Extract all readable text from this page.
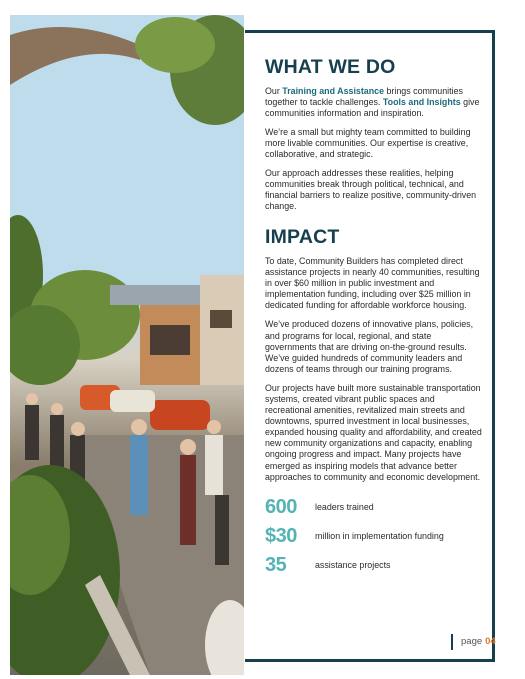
WHAT WE DO

Our Training and Assistance brings communities together to tackle challenges. Tools and Insights give communities information and inspiration.

We’re a small but mighty team committed to building more livable communities. Our expertise is creative, collaborative, and strategic.

Our approach addresses these realities, helping communities break through political, technical, and financial barriers to realize positive, community-driven change.

IMPACT

To date, Community Builders has completed direct assistance projects in nearly 40 communities, resulting in over $60 million in public investment and implementation funding, including over $25 million in dedicated funding for affordable workforce housing.

We’ve produced dozens of innovative plans, policies, and programs for local, regional, and state governments that are driving on-the-ground results. We’ve guided hundreds of community leaders and dozens of teams through our training programs.

Our projects have built more sustainable transportation systems, created vibrant public spaces and recreational amenities, revitalized main streets and downtowns, spurred investment in local businesses, expanded housing quality and affordability, and created new community organizations and capacity, enabling ongoing progress and impact. Many projects have emerged as inspiring models that advance better approaches to community and economic development.

600	leaders trained
$30	million in implementation funding
35	assistance projects
page 04
